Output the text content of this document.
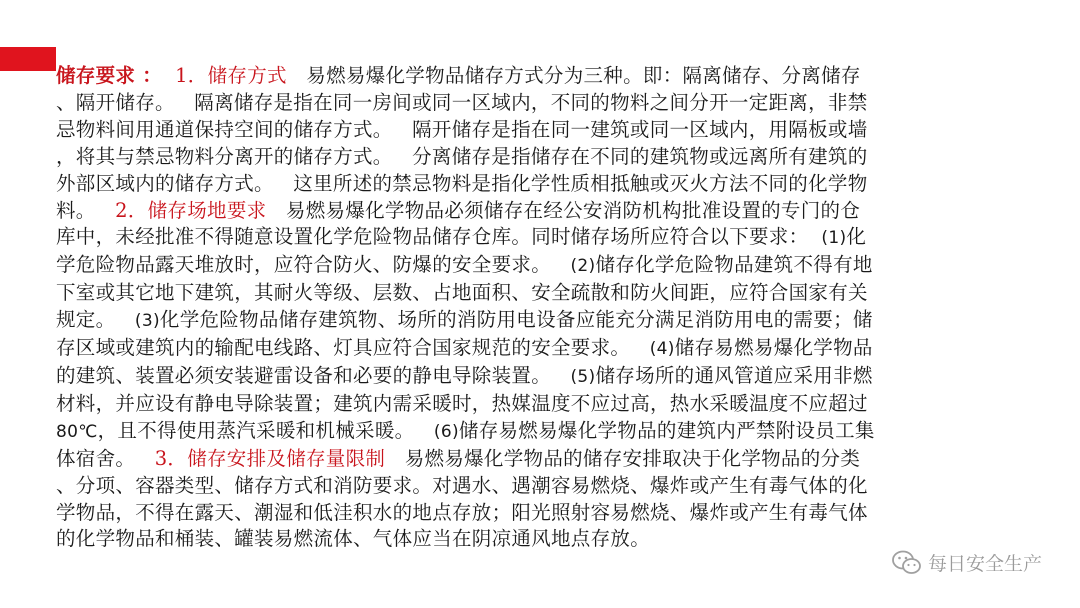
储存要求 ：  1．储存方式   易燃易爆化学物品储存方式分为三种。即：隔离储存、分离储存
、隔开储存。   隔离储存是指在同一房间或同一区域内，不同的物料之间分开一定距离，非禁
忌物料间用通道保持空间的储存方式。   隔开储存是指在同一建筑或同一区域内，用隔板或墙
，将其与禁忌物料分离开的储存方式。   分离储存是指储存在不同的建筑物或远离所有建筑的
外部区域内的储存方式。   这里所述的禁忌物料是指化学性质相抵触或灭火方法不同的化学物
料。   2．储存场地要求   易燃易爆化学物品必须储存在经公安消防机构批准设置的专门的仓
库中，未经批准不得随意设置化学危险物品储存仓库。同时储存场所应符合以下要求：  (1)化
学危险物品露天堆放时，应符合防火、防爆的安全要求。   (2)储存化学危险物品建筑不得有地
下室或其它地下建筑，其耐火等级、层数、占地面积、安全疏散和防火间距，应符合国家有关
规定。   (3)化学危险物品储存建筑物、场所的消防用电设备应能充分满足消防用电的需要；储
存区域或建筑内的输配电线路、灯具应符合国家规范的安全要求。   (4)储存易燃易爆化学物品
的建筑、装置必须安装避雷设备和必要的静电导除装置。   (5)储存场所的通风管道应采用非燃
材料，并应设有静电导除装置；建筑内需采暖时，热媒温度不应过高，热水采暖温度不应超过
80℃，且不得使用蒸汽采暖和机械采暖。   (6)储存易燃易爆化学物品的建筑内严禁附设员工集
体宿舍。   3．储存安排及储存量限制   易燃易爆化学物品的储存安排取决于化学物品的分类
、分项、容器类型、储存方式和消防要求。对遇水、遇潮容易燃烧、爆炸或产生有毒气体的化
学物品，不得在露天、潮湿和低洼积水的地点存放；阳光照射容易燃烧、爆炸或产生有毒气体
的化学物品和桶装、罐装易燃流体、气体应当在阴凉通风地点存放。
每日安全生产
